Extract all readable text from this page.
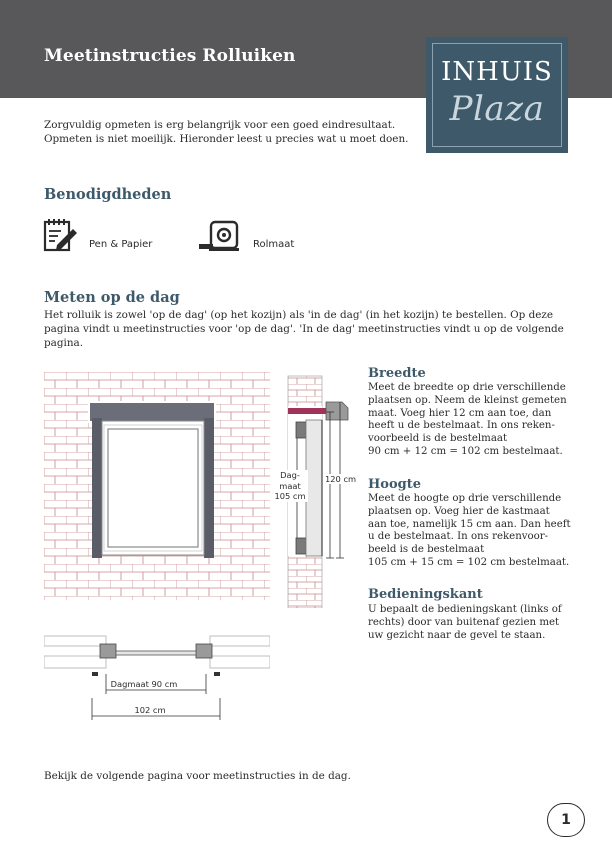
Meetinstructies Rolluiken
INHUIS
Plaza
Zorgvuldig opmeten is erg belangrijk voor een goed eindresultaat.
Opmeten is niet moeilijk. Hieronder leest u precies wat u moet doen.
Benodigdheden
Pen & Papier	Rolmaat
Meten op de dag
Het rolluik is zowel 'op de dag' (op het kozijn) als 'in de dag' (in het kozijn) te bestellen. Op deze
pagina vindt u meetinstructies voor 'op de dag'. 'In de dag' meetinstructies vindt u op de volgende
pagina.
Dag-
maat
105 cm
120 cm
Dagmaat 90 cm
102 cm
Breedte
Meet de breedte op drie verschillende
plaatsen op. Neem de kleinst gemeten
maat. Voeg hier 12 cm aan toe, dan
heeft u de bestelmaat. In ons reken-
voorbeeld is de bestelmaat
90 cm + 12 cm = 102 cm bestelmaat.
Hoogte
Meet de hoogte op drie verschillende
plaatsen op. Voeg hier de kastmaat
aan toe, namelijk 15 cm aan. Dan heeft
u de bestelmaat. In ons rekenvoor-
beeld is de bestelmaat
105 cm + 15 cm = 102 cm bestelmaat.
Bedieningskant
U bepaalt de bedieningskant (links of
rechts) door van buitenaf gezien met
uw gezicht naar de gevel te staan.
Bekijk de volgende pagina voor meetinstructies in de dag.
1
